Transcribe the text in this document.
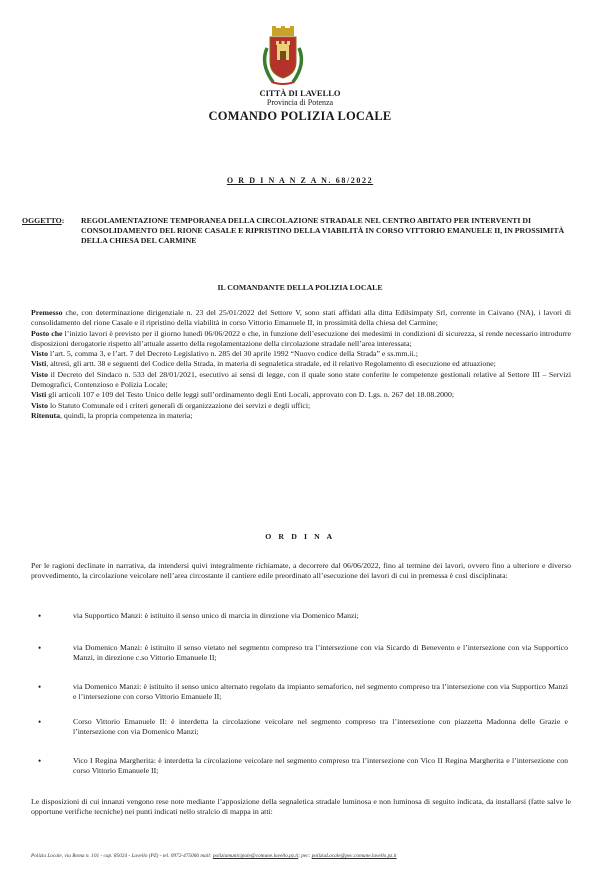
CITTÀ DI LAVELLO
Provincia di Potenza
COMANDO POLIZIA LOCALE
O R D I N A N Z A N. 68/2022
OGGETTO:	REGOLAMENTAZIONE TEMPORANEA DELLA CIRCOLAZIONE STRADALE NEL CENTRO ABITATO PER INTERVENTI DI CONSOLIDAMENTO DEL RIONE CASALE E RIPRISTINO DELLA VIABILITÀ IN CORSO VITTORIO EMANUELE II, IN PROSSIMITÀ DELLA CHIESA DEL CARMINE
IL COMANDANTE DELLA POLIZIA LOCALE

Premesso che, con determinazione dirigenziale n. 23 del 25/01/2022 del Settore V, sono stati affidati alla ditta Edilsimpaty Srl, corrente in Caivano (NA), i lavori di consolidamento del rione Casale e il ripristino della viabilità in corso Vittorio Emanuele II, in prossimità della chiesa del Carmine;

Posto che l’inizio lavori è previsto per il giorno lunedì 06/06/2022 e che, in funzione dell’esecuzione dei medesimi in condizioni di sicurezza, si rende necessario introdurre disposizioni derogatorie rispetto all’attuale assetto della regolamentazione della circolazione stradale nell’area interessata;

Visto l’art. 5, comma 3, e l’art. 7 del Decreto Legislativo n. 285 del 30 aprile 1992 “Nuovo codice della Strada” e ss.mm.ii.;

Visti, altresì, gli artt. 38 e seguenti del Codice della Strada, in materia di segnaletica stradale, ed il relativo Regolamento di esecuzione ed attuazione;

Visto il Decreto del Sindaco n. 533 del 28/01/2021, esecutivo ai sensi di legge, con il quale sono state conferite le competenze gestionali relative al Settore III – Servizi Demografici, Contenzioso e Polizia Locale;

Visti gli articoli 107 e 109 del Testo Unico delle leggi sull’ordinamento degli Enti Locali, approvato con D. Lgs. n. 267 del 18.08.2000;

Visto lo Statuto Comunale ed i criteri generali di organizzazione dei servizi e degli uffici;

Ritenuta, quindi, la propria competenza in materia;

O R D I N A
Per le ragioni declinate in narrativa, da intendersi quivi integralmente richiamate, a decorrere dal 06/06/2022, fino al termine dei lavori, ovvero fino a ulteriore e diverso provvedimento, la circolazione veicolare nell’area circostante il cantiere edile preordinato all’esecuzione dei lavori di cui in premessa è così disciplinata:
•	via Supportico Manzi: è istituito il senso unico di marcia in direzione via Domenico Manzi;
•	via Domenico Manzi: è istituito il senso vietato nel segmento compreso tra l’intersezione con via Sicardo di Benevento e l’intersezione con via Supportico Manzi, in direzione c.so Vittorio Emanuele II;
•	via Domenico Manzi: è istituito il senso unico alternato regolato da impianto semaforico, nel segmento compreso tra l’intersezione con via Supportico Manzi e l’intersezione con corso Vittorio Emanuele II;
•	Corso Vittorio Emanuele II: è interdetta la circolazione veicolare nel segmento compreso tra l’intersezione con piazzetta Madonna delle Grazie e l’intersezione con via Domenico Manzi;
•	Vico I Regina Margherita: è interdetta la circolazione veicolare nel segmento compreso tra l’intersezione con Vico II Regina Margherita e l’intersezione con corso Vittorio Emanuele II;
Le disposizioni di cui innanzi vengono rese note mediante l’apposizione della segnaletica stradale luminosa e non luminosa di seguito indicata, da installarsi (fatte salve le opportune verifiche tecniche) nei punti indicati nello stralcio di mappa in atti:
Polizia Locale, via Roma n. 101 - cap. 85024 - Lavello (PZ) - tel. 0972-475066 mail: poliziamunicipale@comune.lavello.pz.it; pec: poliziaLocale@pec.comune.lavello.pz.it
